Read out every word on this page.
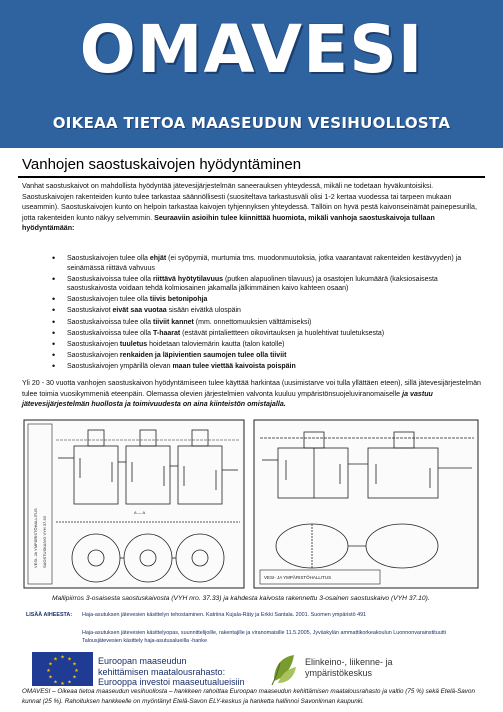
OMAVESI
OIKEAA TIETOA MAASEUDUN VESIHUOLLOSTA
Vanhojen saostuskaivojen hyödyntäminen
Vanhat saostuskaivot on mahdollista hyödyntää jätevesijärjestelmän saneerauksen yhteydessä, mikäli ne todetaan hyväkuntoisiksi. Saostuskaivojen rakenteiden kunto tulee tarkastaa säännöllisesti (suositeltava tarkastusväli olisi 1-2 kertaa vuodessa tai tarpeen mukaan useammin). Saostuskaivojen kunto on helpoin tarkastaa kaivojen tyhjennyksen yhteydessä. Tällöin on hyvä pestä kaivonseinämät painepesurilla, jotta rakenteiden kunto näkyy selvemmin. Seuraaviin asioihin tulee kiinnittää huomiota, mikäli vanhoja saostuskaivoja tullaan hyödyntämään:
• Saostuskaivojen tulee olla ehjät (ei syöpymiä, murtumia tms. muodonmuutoksia, jotka vaarantavat rakenteiden kestävyyden) ja seinämässä riittävä vahvuus
• Saostuskaivoissa tulee olla riittävä hyötytilavuus (putken alapuolinen tilavuus) ja osastojen lukumäärä (kaksiosaisesta saostuskaivosta voidaan tehdä kolmiosainen jakamalla jälkimmäinen kaivo kahteen osaan)
• Saostuskaivojen tulee olla tiivis betonipohja
• Saostuskaivot eivät saa vuotaa sisään eivätkä ulospäin
• Saostuskaivoissa tulee olla tiiviit kannet (mm. onnettomuuksien välttämiseksi)
• Saostuskaivoissa tulee olla T-haarat (estävät pintaliettteen oikovirtauksen ja huolehtivat tuuletuksesta)
• Saostuskaivojen tuuletus hoidetaan taloviemärin kautta (talon katolle)
• Saostuskaivojen renkaiden ja läpivientien saumojen tulee olla tiiviit
• Saostuskaivojen ympärillä olevan maan tulee viettää kaivoista poispäin
Yli 20 - 30 vuotta vanhojen saostuskaivon hyödyntämiseen tulee käyttää harkintaa (uusimistarve voi tulla yllättäen eteen), sillä jätevesijärjestelmän tulee toimia vuosikymmeniä eteenpäin. Olemassa olevien järjestelmien valvonta kuuluu ympäristönsuojeluviranomaiselle ja vastuu jätevesijärjestelmän huollosta ja toimivuudesta on aina kiinteistön omistajalla.
VESI- JA YMPÄRISTÖHALLITUS SAOSTUSKAIVO VYH 37.33
A — A
VESI- JA YMPÄRISTÖHALLITUS
Mallipiirros 3-osaisesta saostuskaivosta (VYH nro. 37.33) ja kahdesta kaivosta rakennettu 3-osainen saostuskaivo (VYH 37.10).
LISÄÄ AIHEESTA: Haja-asutuksen jätevesien käsittelyn tehostaminen. Katriina Kujala-Räty ja Erkki Santala. 2001. Suomen ympäristö 491
Haja-asutuksen jätevesien käsittelyopas, suunnittelijoille, rakentajille ja viranomaisille 11.5.2005, Jyväskylän ammattikorkeakoulun Luonnonvarainstituutti Talousjätevesien käsittely haja-asutusalueilla -hanke
★ ★
★
★
★
★
★
★
★
★
★
★	Euroopan maaseudun
kehittämisen maatalousrahasto:
Eurooppa investoi maaseutualueisiin
Elinkeino-, liikenne- ja
ympäristökeskus
OMAVESI – Oikeaa tietoa maaseudun vesihuollosta – hankkeen rahoittaa Euroopan maaseudun kehittämisen maatalousrahasto ja valtio (75 %) sekä Etelä-Savon kunnat (25 %). Rahoituksen hankkeelle on myöntänyt Etelä-Savon ELY-keskus ja hanketta hallinnoi Savonlinnan kaupunki.
